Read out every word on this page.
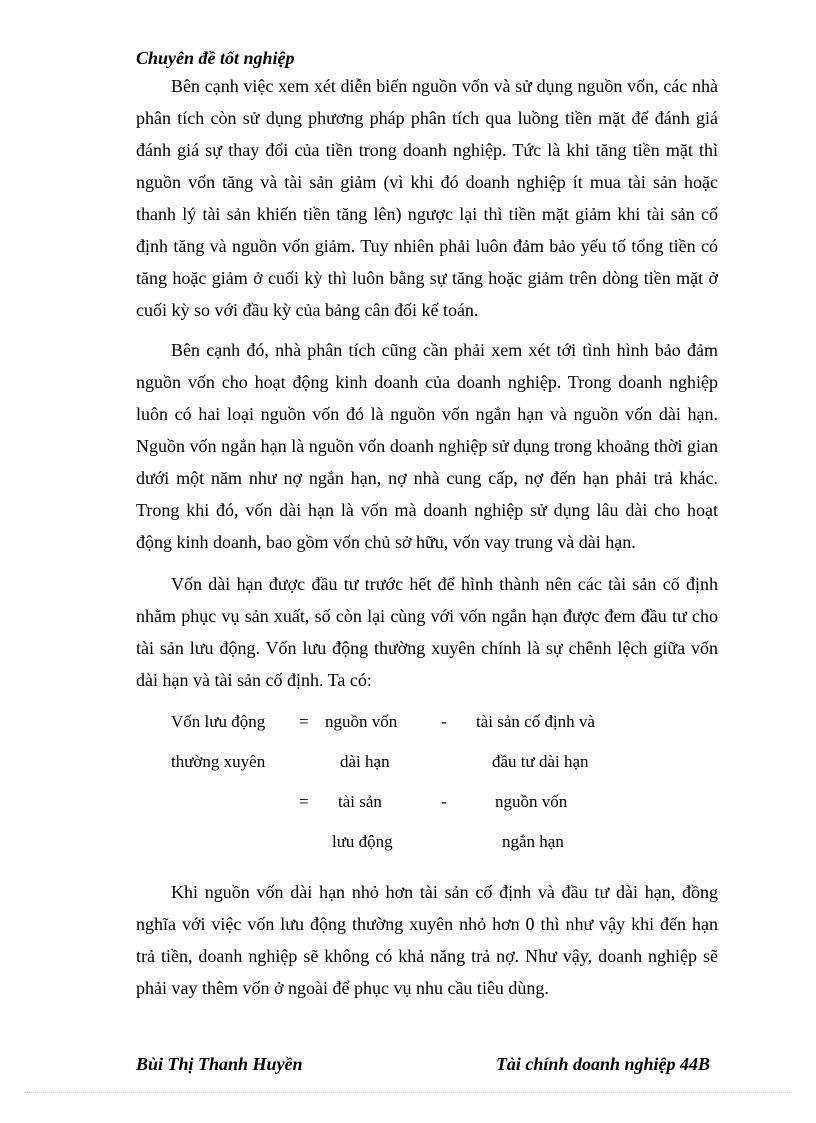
Chuyên đề tốt nghiệp

Bên cạnh việc xem xét diễn biến nguồn vốn và sử dụng nguồn vốn, các nhà phân tích còn sử dụng phương pháp phân tích qua luồng tiền mặt để đánh giá đánh giá sự thay đổi của tiền trong doanh nghiệp. Tức là khi tăng tiền mặt thì nguồn vốn tăng và tài sản giảm (vì khi đó doanh nghiệp ít mua tài sản hoặc thanh lý tài sản khiến tiền tăng lên) ngược lại thì tiền mặt giảm khi tài sản cố định tăng và nguồn vốn giảm. Tuy nhiên phải luôn đảm bảo yếu tố tổng tiền có tăng hoặc giảm ở cuối kỳ thì luôn bằng sự tăng hoặc giảm trên dòng tiền mặt ở cuối kỳ so với đầu kỳ của bảng cân đối kế toán.

Bên cạnh đó, nhà phân tích cũng cần phải xem xét tới tình hình bảo đảm nguồn vốn cho hoạt động kinh doanh của doanh nghiệp. Trong doanh nghiệp luôn có hai loại nguồn vốn đó là nguồn vốn ngắn hạn và nguồn vốn dài hạn. Nguồn vốn ngắn hạn là nguồn vốn doanh nghiệp sử dụng trong khoảng thời gian dưới một năm như nợ ngắn hạn, nợ nhà cung cấp, nợ đến hạn phải trả khác. Trong khi đó, vốn dài hạn là vốn mà doanh nghiệp sử dụng lâu dài cho hoạt động kinh doanh, bao gồm vốn chủ sở hữu, vốn vay trung và dài hạn.

Vốn dài hạn được đầu tư trước hết để hình thành nên các tài sản cố định nhằm phục vụ sản xuất, số còn lại cùng với vốn ngắn hạn được đem đầu tư cho tài sản lưu động. Vốn lưu động thường xuyên chính là sự chênh lệch giữa vốn dài hạn và tài sản cố định. Ta có:

Vốn lưu động
thường xuyên
= nguồn vốn
dài hạn
- tài sản cố định và
đầu tư dài hạn
= tài sản
lưu động
-	nguồn vốn
ngắn hạn

Khi nguồn vốn dài hạn nhỏ hơn tài sản cố định và đầu tư dài hạn, đồng nghĩa với việc vốn lưu động thường xuyên nhỏ hơn 0 thì như vậy khi đến hạn trả tiền, doanh nghiệp sẽ không có khả năng trả nợ. Như vậy, doanh nghiệp sẽ phải vay thêm vốn ở ngoài để phục vụ nhu cầu tiêu dùng.

Bùi Thị Thanh Huyền	Tài chính doanh nghiệp 44B
